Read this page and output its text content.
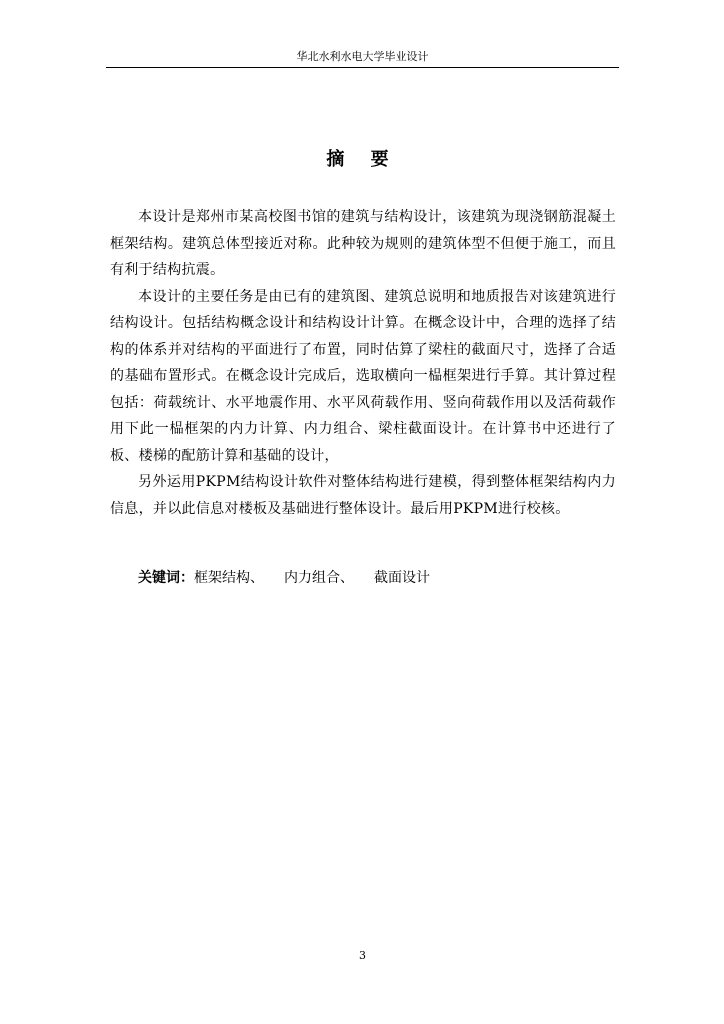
华北水利水电大学毕业设计
摘 要

本设计是郑州市某高校图书馆的建筑与结构设计，该建筑为现浇钢筋混凝土框架结构。建筑总体型接近对称。此种较为规则的建筑体型不但便于施工，而且有利于结构抗震。

本设计的主要任务是由已有的建筑图、建筑总说明和地质报告对该建筑进行结构设计。包括结构概念设计和结构设计计算。在概念设计中，合理的选择了结构的体系并对结构的平面进行了布置，同时估算了梁柱的截面尺寸，选择了合适的基础布置形式。在概念设计完成后，选取横向一榀框架进行手算。其计算过程包括：荷载统计、水平地震作用、水平风荷载作用、竖向荷载作用以及活荷载作用下此一榀框架的内力计算、内力组合、梁柱截面设计。在计算书中还进行了板、楼梯的配筋计算和基础的设计，

另外运用PKPM结构设计软件对整体结构进行建模，得到整体框架结构内力信息，并以此信息对楼板及基础进行整体设计。最后用PKPM进行校核。

关键词：框架结构、 内力组合、 截面设计
3
